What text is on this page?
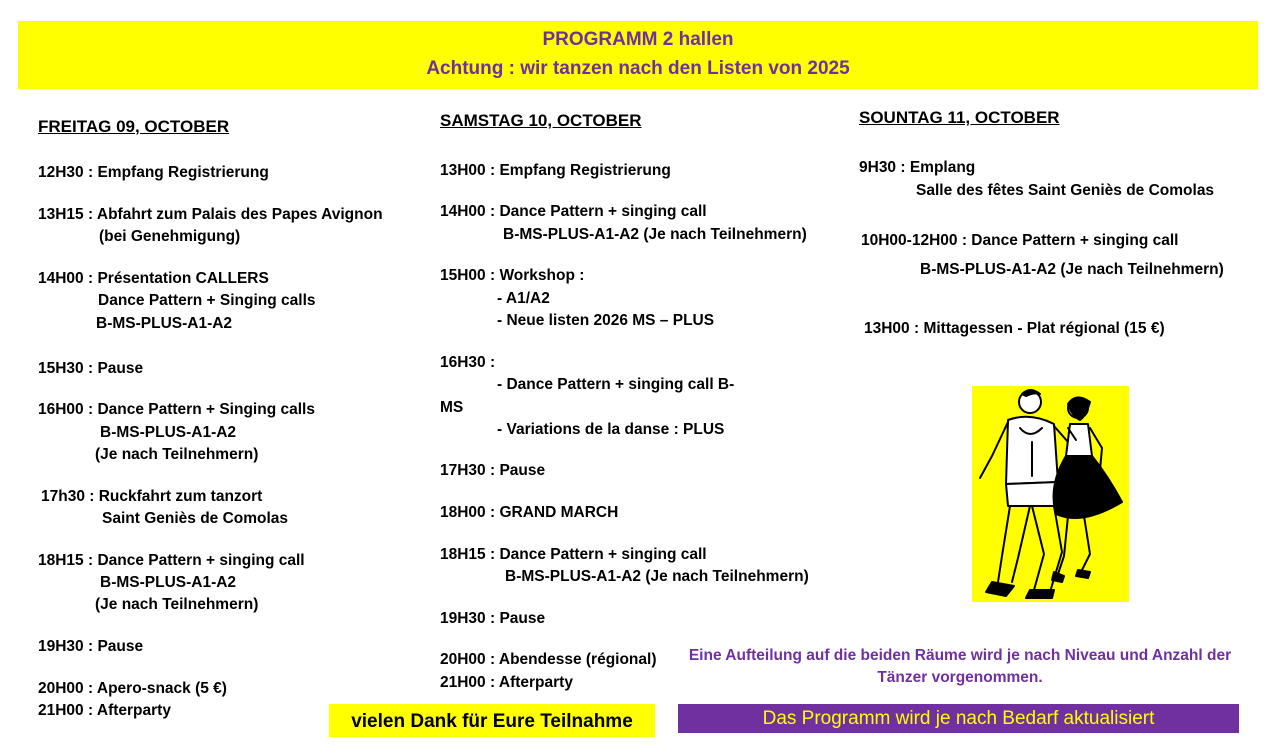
PROGRAMM 2 hallen
Achtung : wir tanzen nach den Listen von 2025
FREITAG 09, OCTOBER
12H30 : Empfang Registrierung
13H15 : Abfahrt zum Palais des Papes Avignon
(bei Genehmigung)
14H00 : Présentation CALLERS
Dance Pattern + Singing calls
B-MS-PLUS-A1-A2
15H30 : Pause
16H00 : Dance Pattern + Singing calls
B-MS-PLUS-A1-A2
(Je nach Teilnehmern)
17h30 : Ruckfahrt zum tanzort
Saint Geniès de Comolas
18H15 : Dance Pattern + singing call
B-MS-PLUS-A1-A2
(Je nach Teilnehmern)
19H30 : Pause
20H00 : Apero-snack (5 €)
21H00 : Afterparty
SAMSTAG 10, OCTOBER
13H00 : Empfang Registrierung
14H00 : Dance Pattern + singing call
B-MS-PLUS-A1-A2 (Je nach Teilnehmern)
15H00 : Workshop :
- A1/A2
- Neue listen 2026 MS – PLUS
16H30 :
- Dance Pattern + singing call B-
MS
- Variations de la danse : PLUS
17H30 : Pause
18H00 : GRAND MARCH
18H15 : Dance Pattern + singing call
B-MS-PLUS-A1-A2 (Je nach Teilnehmern)
19H30 : Pause
20H00 : Abendesse (régional)
21H00 : Afterparty
SOUNTAG 11, OCTOBER
9H30 : Emplang
Salle des fêtes Saint Geniès de Comolas
10H00-12H00 : Dance Pattern + singing call
B-MS-PLUS-A1-A2 (Je nach Teilnehmern)
13H00 : Mittagessen - Plat régional (15 €)
Eine Aufteilung auf die beiden Räume wird je nach Niveau und Anzahl der Tänzer vorgenommen.
vielen Dank für Eure Teilnahme	Das Programm wird je nach Bedarf aktualisiert
